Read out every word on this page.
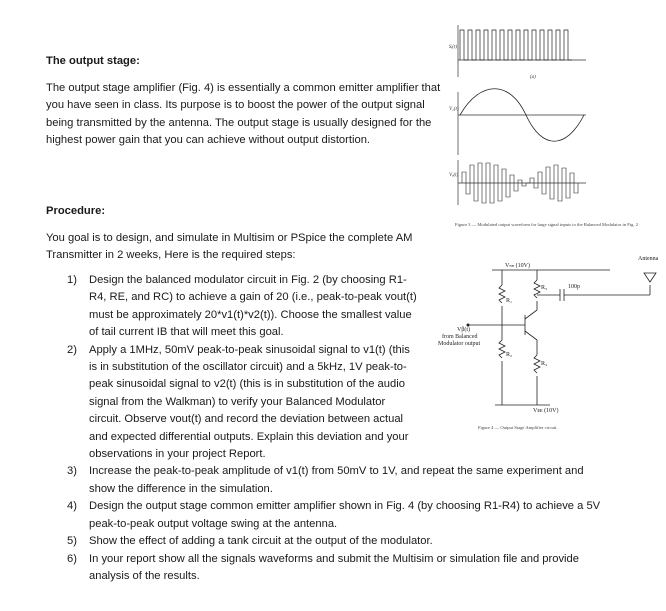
The output stage:

The output stage amplifier (Fig. 4) is essentially a common emitter amplifier that you have seen in class. Its purpose is to boost the power of the output signal being transmitted by the antenna. The output stage is usually designed for the highest power gain that you can achieve without output distortion.

Procedure:

You goal is to design, and simulate in Multisim or PSpice the complete AM Transmitter in 2 weeks, Here is the required steps:

1) Design the balanced modulator circuit in Fig. 2 (by choosing R1-R4, RE, and RC) to achieve a gain of 20 (i.e., peak-to-peak vout(t) must be approximately 20*v1(t)*v2(t)). Choose the smallest value of tail current IB that will meet this goal.
2) Apply a 1MHz, 50mV peak-to-peak sinusoidal signal to v1(t) (this is in substitution of the oscillator circuit) and a 5kHz, 1V peak-to-peak sinusoidal signal to v2(t) (this is in substitution of the audio signal from the Walkman) to verify your Balanced Modulator circuit. Observe vout(t) and record the deviation between actual and expected differential outputs. Explain this deviation and your observations in your project Report.
3) Increase the peak-to-peak amplitude of v1(t) from 50mV to 1V, and repeat the same experiment and show the difference in the simulation.
4) Design the output stage common emitter amplifier shown in Fig. 4 (by choosing R1-R4) to achieve a 5V peak-to-peak output voltage swing at the antenna.
5) Show the effect of adding a tank circuit at the output of the modulator.
6) In your report show all the signals waveforms and submit the Multisim or simulation file and provide analysis of the results.
Sᵢ(t)
V₂(t)
Vₒ(t)
(a)

Figure 3 — Modulated output waveform for large signal inputs to the Balanced Modulator in Fig. 2

Vₙₙ (10V)
Antenna
R₁
R₂
R₃
R₄
100p
Vβ(t)
from Balanced
Modulator output
Vᴇᴇ (10V)

Figure 4 — Output Stage Amplifier circuit.
